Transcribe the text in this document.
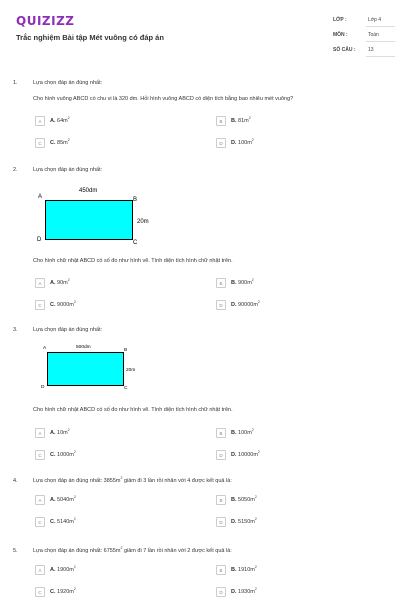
QUIZIZZ
Trắc nghiệm Bài tập Mét vuông có đáp án
LỚP :	Lớp 4
MÔN :	Toán
SỐ CÂU :	13
1.	Lựa chọn đáp án đúng nhất:
Cho hình vuông ABCD có chu vi là 320 dm. Hỏi hình vuông ABCD có diện tích bằng bao nhiêu mét vuông?
A	A. $64m^2$
B	B. $81m^2$
C	C. $85m^2$
D	D. $100m^2$
2.	Lựa chọn đáp án đúng nhất:
450dm
A	B
20m
D	C
Cho hình chữ nhật ABCD có số đo như hình vẽ. Tính diện tích hình chữ nhật trên.
A	A. $90m^2$
B	B. $900m^2$
C	C. $9000m^2$
D	D. $90000m^2$
3.	Lựa chọn đáp án đúng nhất:
500dm
A	B
20m
D	C
Cho hình chữ nhật ABCD có số đo như hình vẽ. Tính diện tích hình chữ nhật trên.
A	A. $10m^2$
B	B. $100m^2$
C	C. $1000m^2$
D	D. $10000m^2$
4.	Lựa chọn đáp án đúng nhất: $3855m^2$ giảm đi 3 lần rồi nhân với 4 được kết quả là:
A	A. $5040m^2$
B	B. $5050m^2$
C	C. $5140m^2$
D	D. $5150m^2$
5.	Lựa chọn đáp án đúng nhất: $6755m^2$ giảm đi 7 lần rồi nhân với 2 được kết quả là:
A	A. $1900m^2$
B	B. $1910m^2$
C	C. $1920m^2$
D	D. $1930m^2$
